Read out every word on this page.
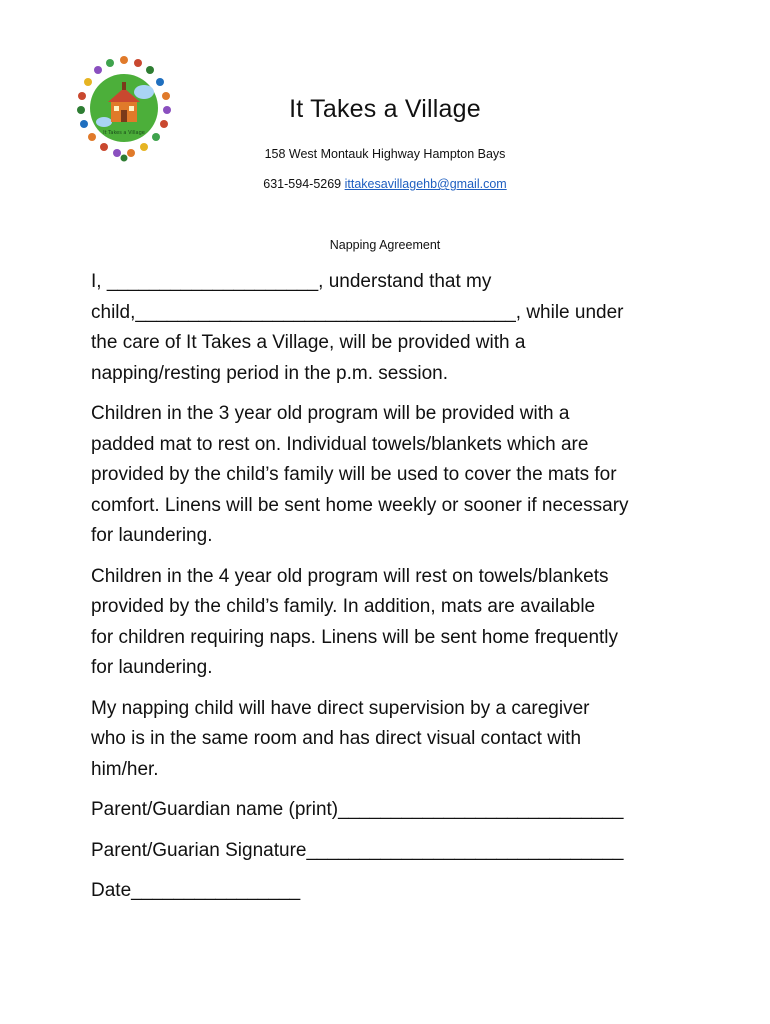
It Takes a Village
It Takes a Village
158 West Montauk Highway Hampton Bays
631-594-5269 ittakesavillagehb@gmail.com
Napping Agreement

I, ____________________, understand that my
child,____________________________________, while under
the care of It Takes a Village, will be provided with a
napping/resting period in the p.m. session.

Children in the 3 year old program will be provided with a
padded mat to rest on. Individual towels/blankets which are
provided by the child’s family will be used to cover the mats for
comfort. Linens will be sent home weekly or sooner if necessary
for laundering.

Children in the 4 year old program will rest on towels/blankets
provided by the child’s family. In addition, mats are available
for children requiring naps. Linens will be sent home frequently
for laundering.

My napping child will have direct supervision by a caregiver
who is in the same room and has direct visual contact with
him/her.

Parent/Guardian name (print)___________________________
Parent/Guarian Signature______________________________
Date________________
